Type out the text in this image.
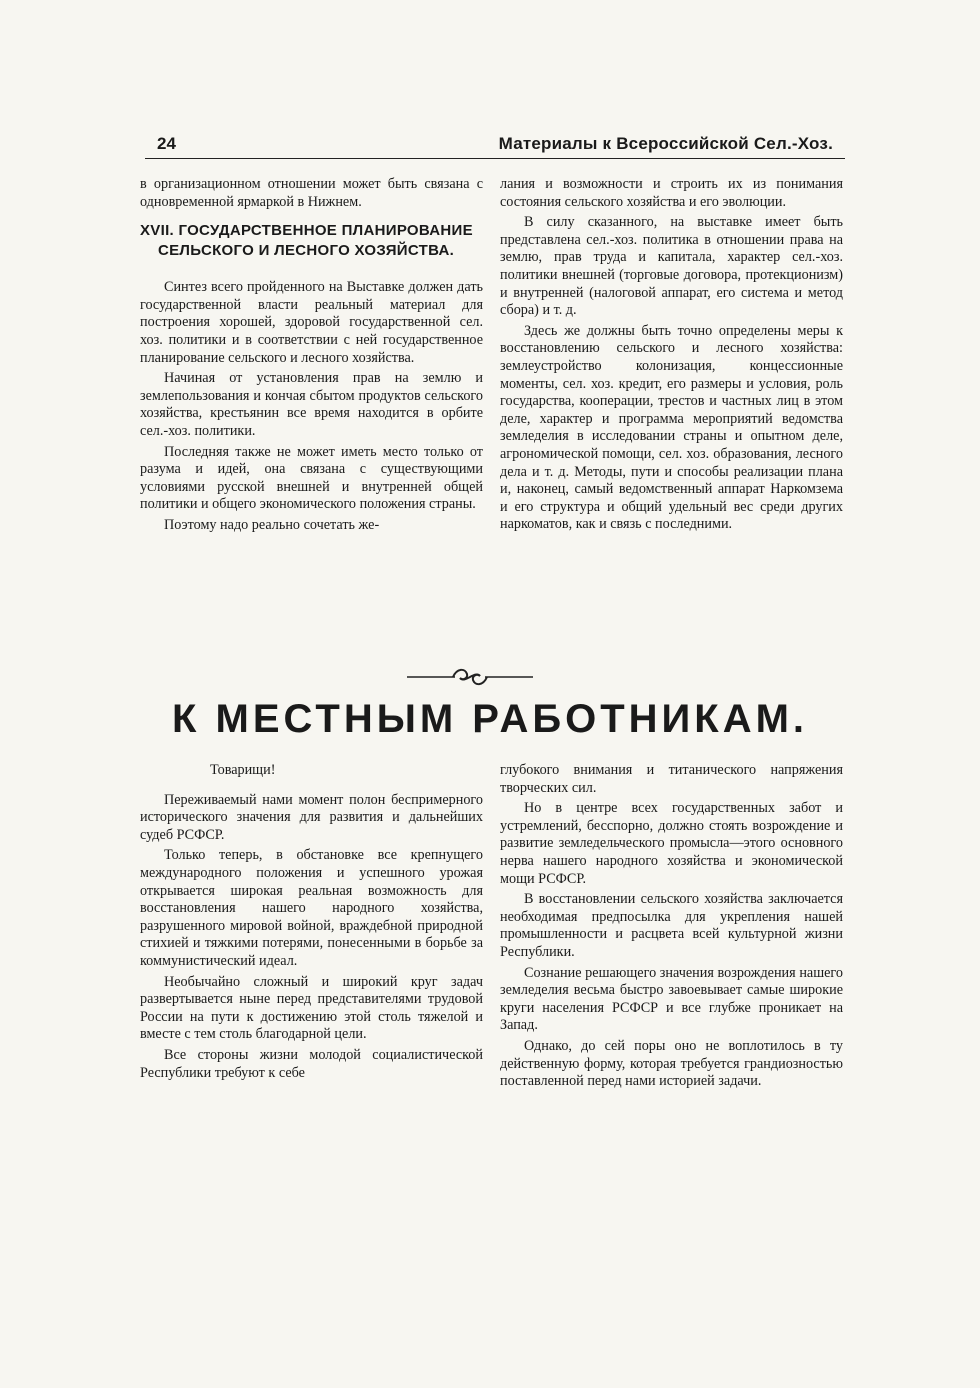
24	Материалы к Всероссийской Сел.-Хоз.

в организационном отношении может быть связана с одновременной ярмаркой в Нижнем.

XVII. ГОСУДАРСТВЕННОЕ ПЛАНИРОВАНИЕ
СЕЛЬСКОГО И ЛЕСНОГО ХОЗЯЙСТВА.

Синтез всего пройденного на Выставке должен дать государственной власти реальный материал для построения хорошей, здоровой государственной сел. хоз. политики и в соответствии с ней государственное планирование сельского и лесного хозяйства.

Начиная от установления прав на землю и землепользования и кончая сбытом продуктов сельского хозяйства, крестьянин все время находится в орбите сел.-хоз. политики.

Последняя также не может иметь место только от разума и идей, она связана с существующими условиями русской внешней и внутренней общей политики и общего экономического положения страны.

Поэтому надо реально сочетать же-

лания и возможности и строить их из понимания состояния сельского хозяйства и его эволюции.

В силу сказанного, на выставке имеет быть представлена сел.-хоз. политика в отношении права на землю, прав труда и капитала, характер сел.-хоз. политики внешней (торговые договора, протекционизм) и внутренней (налоговой аппарат, его система и метод сбора) и т. д.

Здесь же должны быть точно определены меры к восстановлению сельского и лесного хозяйства: землеустройство колонизация, концессионные моменты, сел. хоз. кредит, его размеры и условия, роль государства, кооперации, трестов и частных лиц в этом деле, характер и программа мероприятий ведомства земледелия в исследовании страны и опытном деле, агрономической помощи, сел. хоз. образования, лесного дела и т. д. Методы, пути и способы реализации плана и, наконец, самый ведомственный аппарат Наркомзема и его структура и общий удельный вес среди других наркоматов, как и связь с последними.

К МЕСТНЫМ РАБОТНИКАМ.

Товарищи!

Переживаемый нами момент полон беспримерного исторического значения для развития и дальнейших судеб РСФСР.

Только теперь, в обстановке все крепнущего международного положения и успешного урожая открывается широкая реальная возможность для восстановления нашего народного хозяйства, разрушенного мировой войной, враждебной природной стихией и тяжкими потерями, понесенными в борьбе за коммунистический идеал.

Необычайно сложный и широкий круг задач развертывается ныне перед представителями трудовой России на пути к достижению этой столь тяжелой и вместе с тем столь благодарной цели.

Все стороны жизни молодой социалистической Республики требуют к себе

глубокого внимания и титанического напряжения творческих сил.

Но в центре всех государственных забот и устремлений, бесспорно, должно стоять возрождение и развитие земледельческого промысла—этого основного нерва нашего народного хозяйства и экономической мощи РСФСР.

В восстановлении сельского хозяйства заключается необходимая предпосылка для укрепления нашей промышленности и расцвета всей культурной жизни Республики.

Сознание решающего значения возрождения нашего земледелия весьма быстро завоевывает самые широкие круги населения РСФСР и все глубже проникает на Запад.

Однако, до сей поры оно не воплотилось в ту действенную форму, которая требуется грандиозностью поставленной перед нами историей задачи.
